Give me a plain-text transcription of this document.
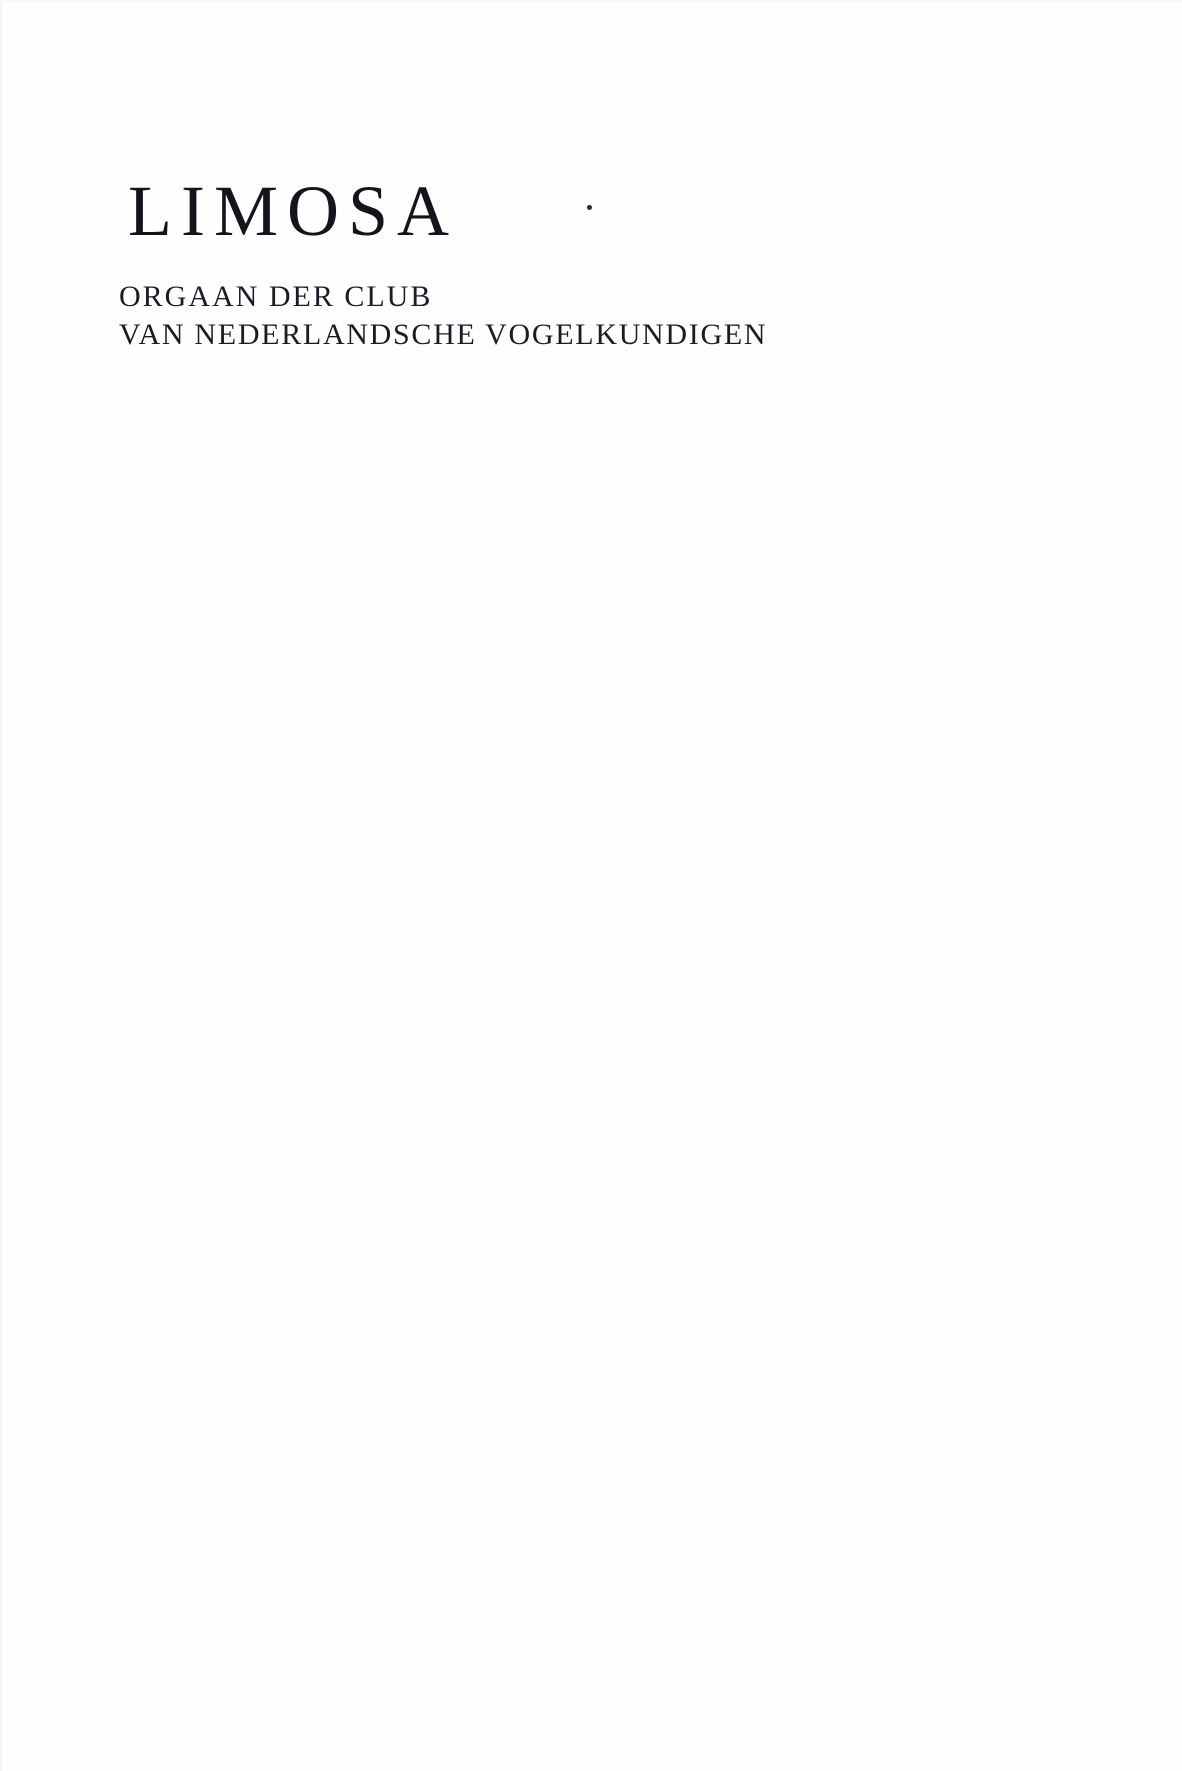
LIMOSA
ORGAAN DER CLUB
VAN NEDERLANDSCHE VOGELKUNDIGEN
